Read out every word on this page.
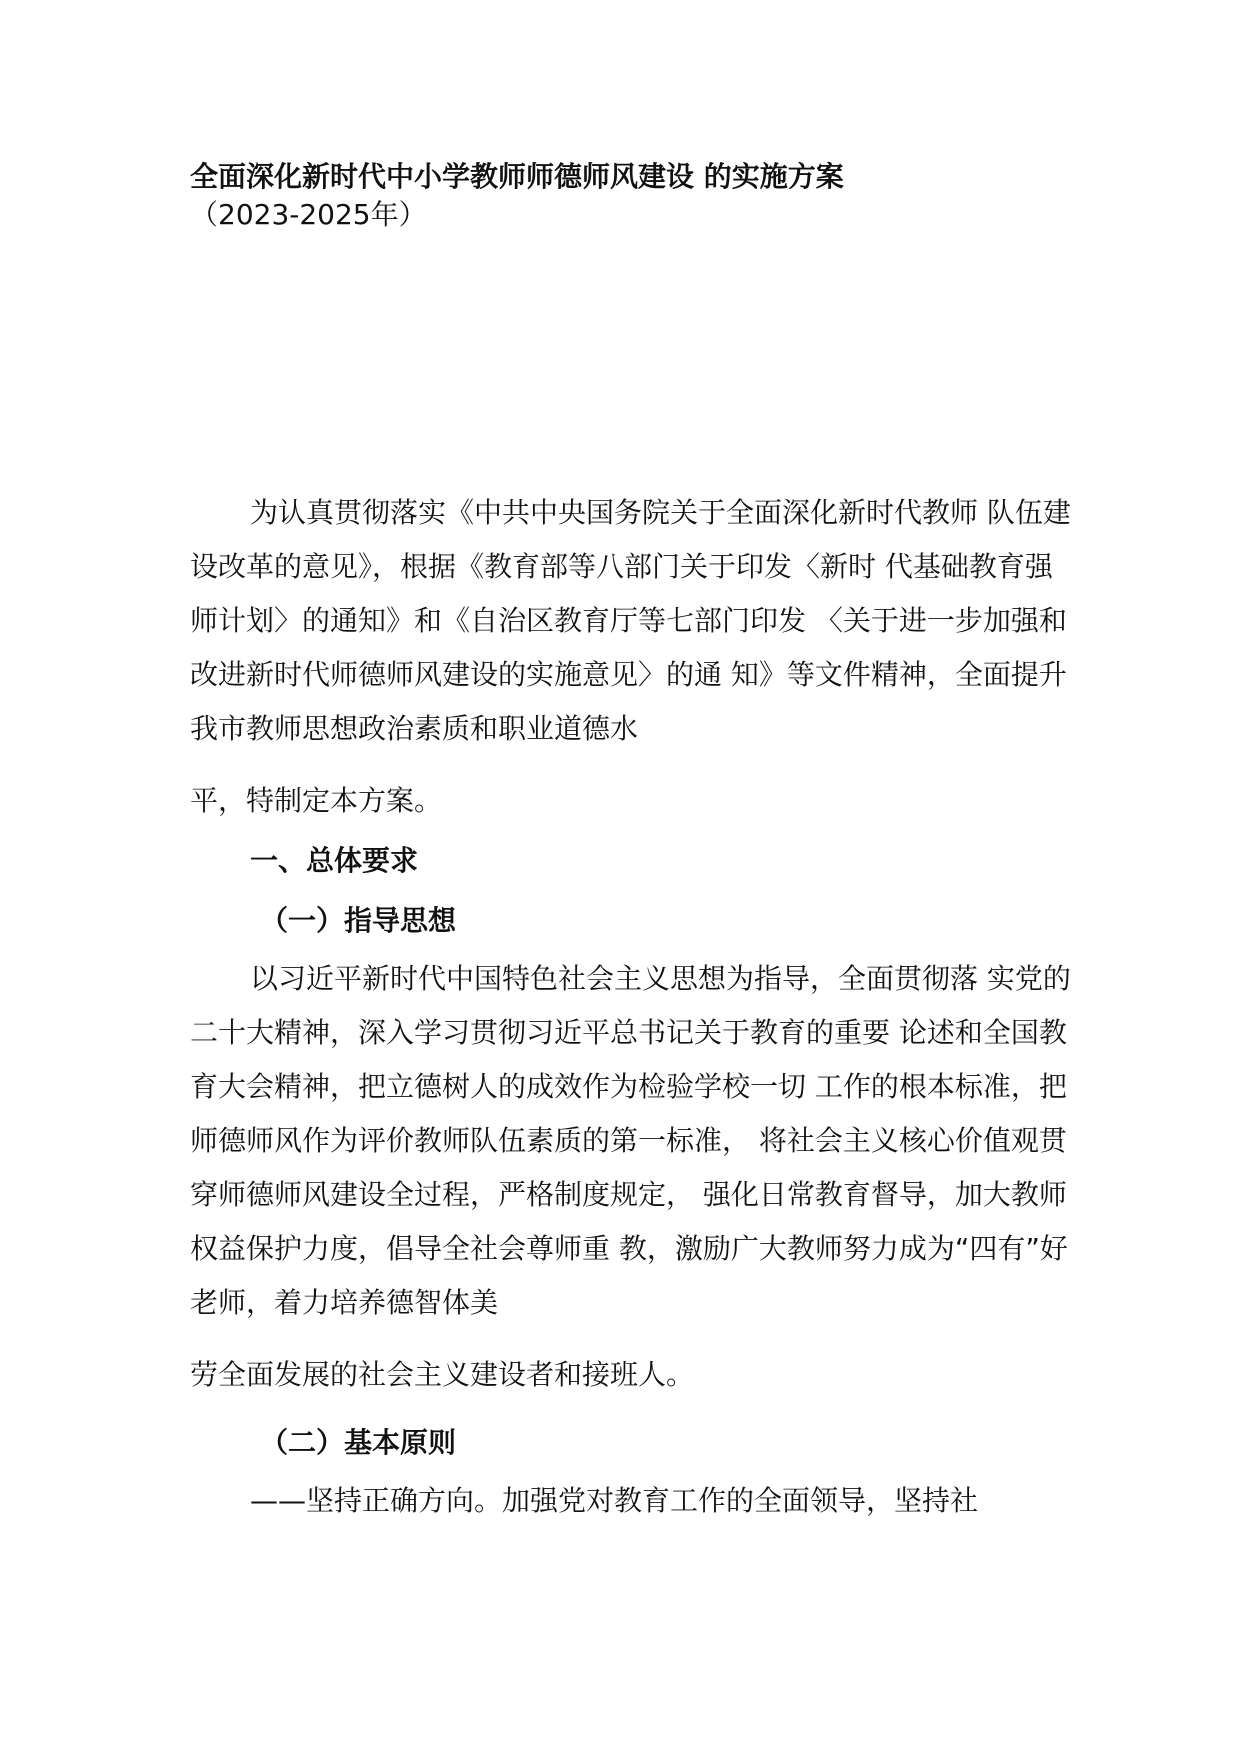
全面深化新时代中小学教师师德师风建设 的实施方案（2023-2025年）

为认真贯彻落实《中共中央国务院关于全面深化新时代教师 队伍建设改革的意见》，根据《教育部等八部门关于印发〈新时 代基础教育强师计划〉的通知》和《自治区教育厅等七部门印发 〈关于进一步加强和改进新时代师德师风建设的实施意见〉的通 知》等文件精神，全面提升我市教师思想政治素质和职业道德水

平，特制定本方案。

一、总体要求
（一）指导思想

以习近平新时代中国特色社会主义思想为指导，全面贯彻落 实党的二十大精神，深入学习贯彻习近平总书记关于教育的重要 论述和全国教育大会精神，把立德树人的成效作为检验学校一切 工作的根本标准，把师德师风作为评价教师队伍素质的第一标准， 将社会主义核心价值观贯穿师德师风建设全过程，严格制度规定， 强化日常教育督导，加大教师权益保护力度，倡导全社会尊师重 教，激励广大教师努力成为“四有”好老师，着力培养德智体美

劳全面发展的社会主义建设者和接班人。

（二）基本原则

——坚持正确方向。加强党对教育工作的全面领导，坚持社
